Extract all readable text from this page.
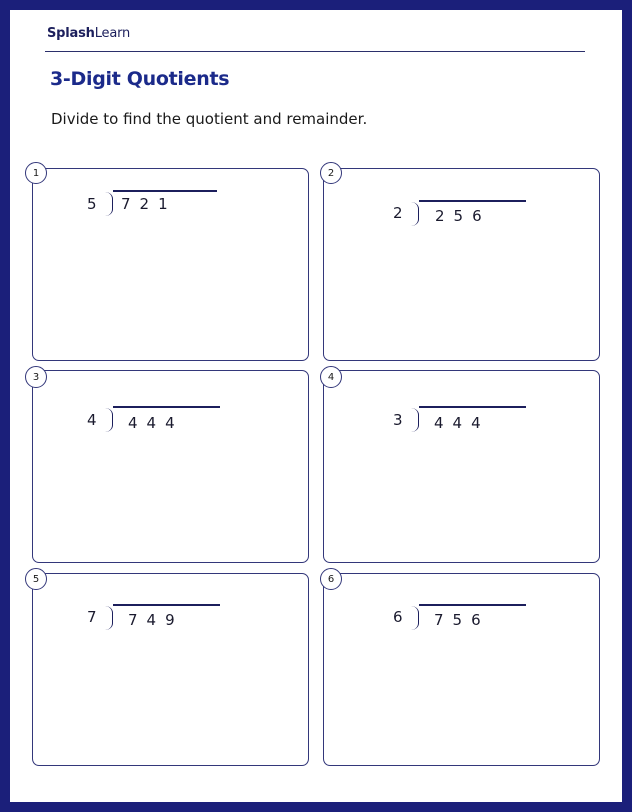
SplashLearn
3-Digit Quotients
Divide to find the quotient and remainder.
1
5 721
2
2 256
3
4 444
4
3 444
5
7 749
6
6 756
